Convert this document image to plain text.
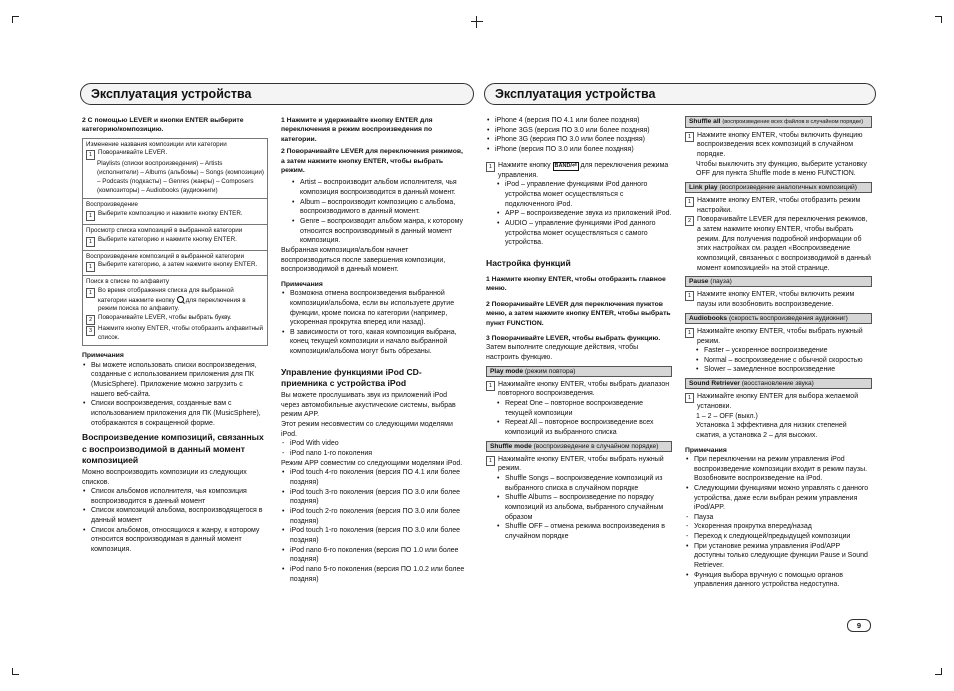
Эксплуатация устройства	Эксплуатация устройства

2 С помощью LEVER и кнопки ENTER выберите категорию/композицию.

Изменение названия композиции или категории

1 Поворачивайте LEVER.

Playlists (списки воспроизведения) – Artists (исполнители) – Albums (альбомы) – Songs (композиции) – Podcasts (подкасты) – Genres (жанры) – Composers (композиторы) – Audiobooks (аудиокниги)

Воспроизведение

1 Выберите композицию и нажмите кнопку ENTER.

Просмотр списка композиций в выбранной категории

1 Выберите категорию и нажмите кнопку ENTER.

Воспроизведение композиций в выбранной категории

1 Выберите категорию, а затем нажмите кнопку ENTER.

Поиск в списке по алфавиту

1 Во время отображения списка для выбранной категории нажмите кнопку для переключения в режим поиска по алфавиту.
2 Поворачивайте LEVER, чтобы выбрать букву.
3 Нажмите кнопку ENTER, чтобы отобразить алфавитный список.

Примечания

• Вы можете использовать списки воспроизведения, созданные с использованием приложения для ПК (MusicSphere). Приложение можно загрузить с нашего веб-сайта.
• Списки воспроизведения, созданные вам с использованием приложения для ПК (MusicSphere), отображаются в сокращенной форме.
Воспроизведение композиций, связанных с воспроизводимой в данный момент композицией

Можно воспроизводить композиции из следующих списков.

• Список альбомов исполнителя, чья композиция воспроизводится в данный момент
• Список композиций альбома, воспроизводящегося в данный момент
• Список альбомов, относящихся к жанру, к которому относится воспроизводимая в данный момент композиция.

1 Нажмите и удерживайте кнопку ENTER для переключения в режим воспроизведения по категории.

2 Поворачивайте LEVER для переключения режимов, а затем нажмите кнопку ENTER, чтобы выбрать режим.

• Artist – воспроизводит альбом исполнителя, чья композиция воспроизводится в данный момент.
• Album – воспроизводит композицию с альбома, воспроизводимого в данный момент.
• Genre – воспроизводит альбом жанра, к которому относится воспроизводимый в данный момент композиция.

Выбранная композиция/альбом начнет воспроизводиться после завершения композиции, воспроизводимой в данный момент.

Примечания

• Возможна отмена воспроизведения выбранной композиции/альбома, если вы используете другие функции, кроме поиска по категории (например, ускоренная прокрутка вперед или назад).
• В зависимости от того, какая композиция выбрана, конец текущей композиции и начало выбранной композиции/альбома могут быть обрезаны.
Управление функциями iPod CD-приемника с устройства iPod

Вы можете прослушивать звук из приложений iPod через автомобильные акустические системы, выбрав режим APP.

Этот режим несовместим со следующими моделями iPod.

- iPod With video
- iPod nano 1-го поколения

Режим APP совместим со следующими моделями iPod.

• iPod touch 4-го поколения (версия ПО 4.1 или более поздняя)
• iPod touch 3-го поколения (версия ПО 3.0 или более поздняя)
• iPod touch 2-го поколения (версия ПО 3.0 или более поздняя)
• iPod touch 1-го поколения (версия ПО 3.0 или более поздняя)
• iPod nano 6-го поколения (версия ПО 1.0 или более поздняя)
• iPod nano 5-го поколения (версия ПО 1.0.2 или более поздняя)
• iPhone 4 (версия ПО 4.1 или более поздняя)
• iPhone 3GS (версия ПО 3.0 или более поздняя)
• iPhone 3G (версия ПО 3.0 или более поздняя)
• iPhone (версия ПО 3.0 или более поздняя)
1 Нажмите кнопку BAND/⏎ для переключения режима управления.
• iPod – управление функциями iPod данного устройства может осуществляться с подключенного iPod.
• APP – воспроизведение звука из приложений iPod.
• AUDIO – управление функциями iPod данного устройства может осуществляться с самого устройства.
Настройка функций

1 Нажмите кнопку ENTER, чтобы отобразить главное меню.

2 Поворачивайте LEVER для переключения пунктов меню, а затем нажмите кнопку ENTER, чтобы выбрать пункт FUNCTION.

3 Поворачивайте LEVER, чтобы выбрать функцию.

Затем выполните следующие действия, чтобы настроить функцию.

Play mode (режим повтора)
1 Нажимайте кнопку ENTER, чтобы выбрать диапазон повторного воспроизведения.
• Repeat One – повторное воспроизведение текущей композиции
• Repeat All – повторное воспроизведение всех композиций из выбранного списка
Shuffle mode (воспроизведение в случайном порядке)
1 Нажимайте кнопку ENTER, чтобы выбрать нужный режим.
• Shuffle Songs – воспроизведение композиций из выбранного списка в случайном порядке
• Shuffle Albums – воспроизведение по порядку композиций из альбома, выбранного случайным образом
• Shuffle OFF – отмена режима воспроизведения в случайном порядке
Shuffle all (воспроизведение всех файлов в случайном порядке)
1 Нажмите кнопку ENTER, чтобы включить функцию воспроизведения всех композиций в случайном порядке.

Чтобы выключить эту функцию, выберите установку OFF для пункта Shuffle mode в меню FUNCTION.

Link play (воспроизведение аналогичных композиций)
1 Нажмите кнопку ENTER, чтобы отобразить режим настройки.
2 Поворачивайте LEVER для переключения режимов, а затем нажмите кнопку ENTER, чтобы выбрать режим. Для получения подробной информации об этих настройках см. раздел «Воспроизведение композиций, связанных с воспроизводимой в данный момент композицией» на этой странице.
Pause (пауза)
1 Нажмите кнопку ENTER, чтобы включить режим паузы или возобновить воспроизведение.
Audiobooks (скорость воспроизведения аудиокниг)
1 Нажимайте кнопку ENTER, чтобы выбрать нужный режим.
• Faster – ускоренное воспроизведение
• Normal – воспроизведение с обычной скоростью
• Slower – замедленное воспроизведение
Sound Retriever (восстановление звука)
1 Нажимайте кнопку ENTER для выбора желаемой установки.

1 – 2 – OFF (выкл.)

Установка 1 эффективна для низких степеней сжатия, а установка 2 – для высоких.

Примечания

• При переключении на режим управления iPod воспроизведение композиции входит в режим паузы. Возобновите воспроизведение на iPod.
• Следующими функциями можно управлять с данного устройства, даже если выбран режим управления iPod/APP.
- Пауза
- Ускоренная прокрутка вперед/назад
- Переход к следующей/предыдущей композиции
• При установке режима управления iPod/APP доступны только следующие функции Pause и Sound Retriever.
• Функция выбора вручную с помощью органов управления данного устройства недоступна.
9
